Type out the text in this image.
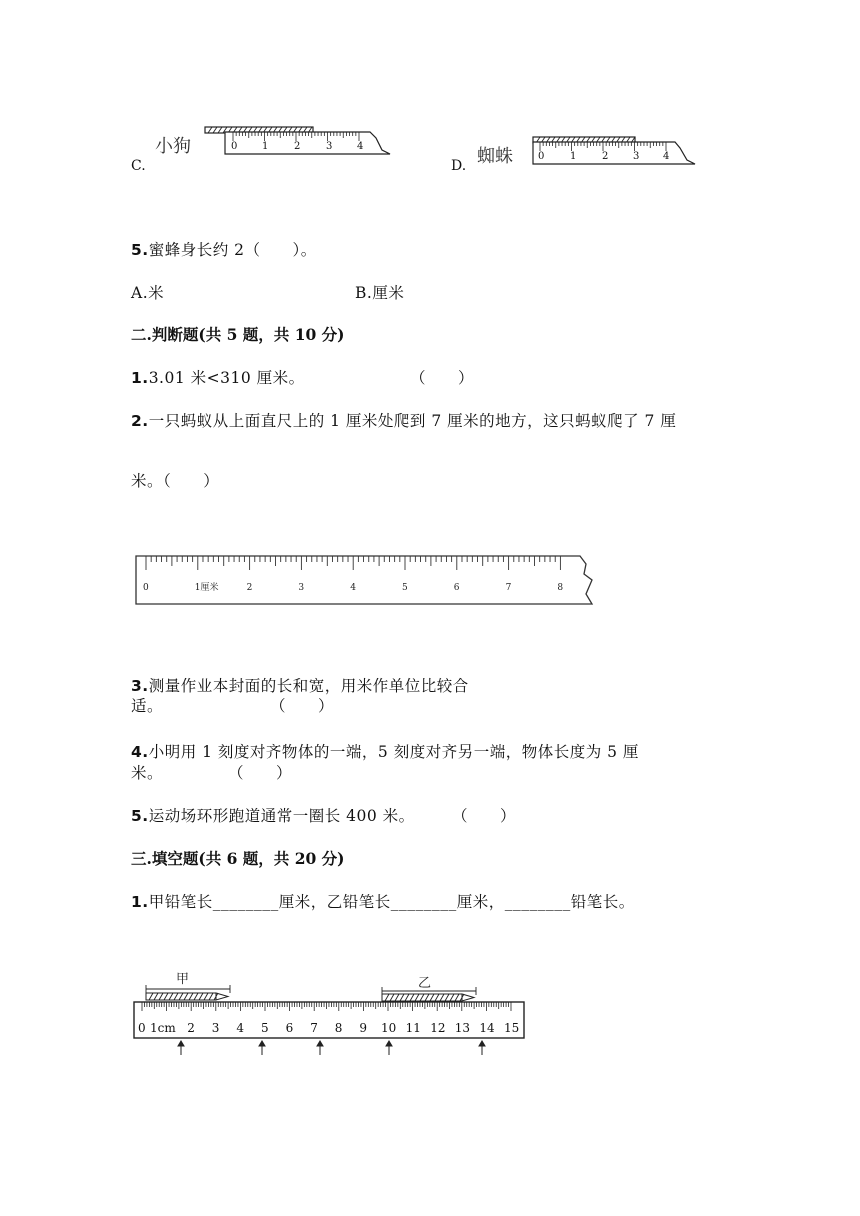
C.
小狗	0 1	2	3 4
D. 蜘蛛	0	1	2 3 4
5.蜜蜂身长约 2（　　）。
A.米	B.厘米
二.判断题(共 5 题，共 10 分)
1.3.01 米<310 厘米。	（　　）
2.一只蚂蚁从上面直尺上的 1 厘米处爬到 7 厘米的地方，这只蚂蚁爬了 7 厘
米。（　　）
0	1厘米	2	3	4	5	6	7	8
3.测量作业本封面的长和宽，用米作单位比较合
适。	（　　）
4.小明用 1 刻度对齐物体的一端，5 刻度对齐另一端，物体长度为 5 厘
米。	（　　）
5.运动场环形跑道通常一圈长 400 米。 （　　）
三.填空题(共 6 题，共 20 分)
1.甲铅笔长________厘米，乙铅笔长________厘米，________铅笔长。
甲	乙
0 1cm 2 3 4 5 6 7 8 9 10 11 12 13 14 15
